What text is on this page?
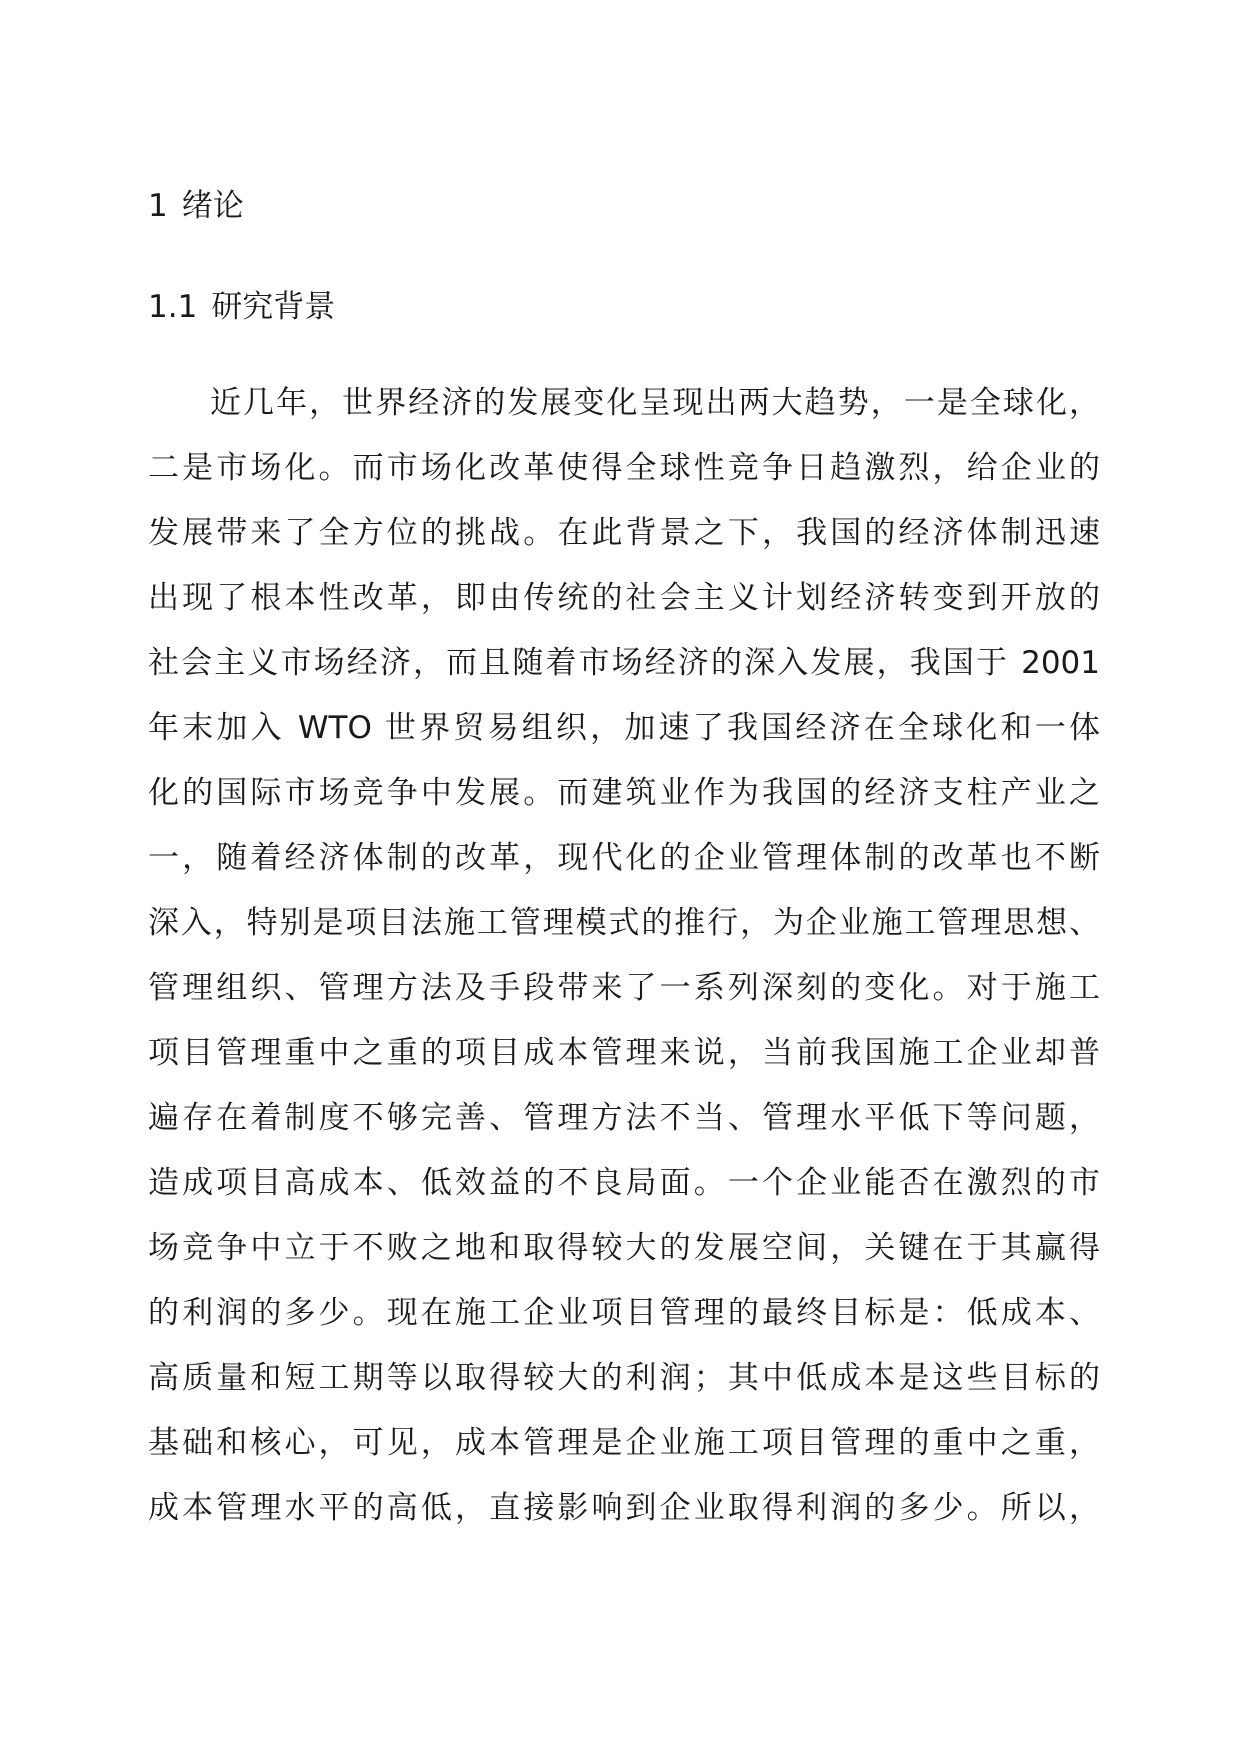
1 绪论
1.1 研究背景
近几年，世界经济的发展变化呈现出两大趋势，一是全球化，
二是市场化。而市场化改革使得全球性竞争日趋激烈，给企业的
发展带来了全方位的挑战。在此背景之下，我国的经济体制迅速
出现了根本性改革，即由传统的社会主义计划经济转变到开放的
社会主义市场经济，而且随着市场经济的深入发展，我国于 2001
年末加入 WTO 世界贸易组织，加速了我国经济在全球化和一体
化的国际市场竞争中发展。而建筑业作为我国的经济支柱产业之
一，随着经济体制的改革，现代化的企业管理体制的改革也不断
深入，特别是项目法施工管理模式的推行，为企业施工管理思想、
管理组织、管理方法及手段带来了一系列深刻的变化。对于施工
项目管理重中之重的项目成本管理来说，当前我国施工企业却普
遍存在着制度不够完善、管理方法不当、管理水平低下等问题，
造成项目高成本、低效益的不良局面。一个企业能否在激烈的市
场竞争中立于不败之地和取得较大的发展空间，关键在于其赢得
的利润的多少。现在施工企业项目管理的最终目标是：低成本、
高质量和短工期等以取得较大的利润；其中低成本是这些目标的
基础和核心，可见，成本管理是企业施工项目管理的重中之重，
成本管理水平的高低，直接影响到企业取得利润的多少。所以，
